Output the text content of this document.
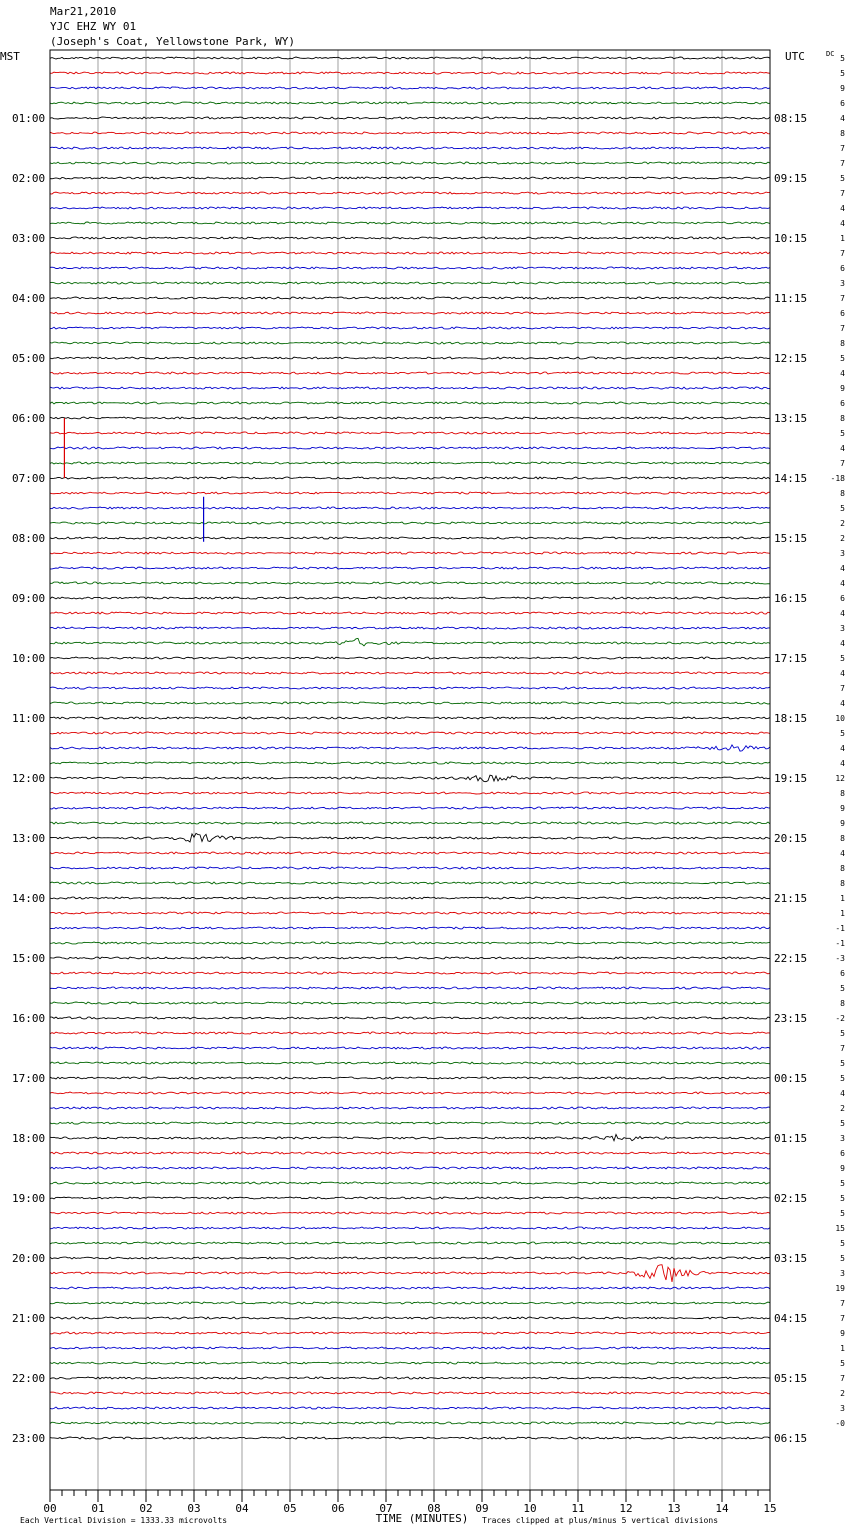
Mar21,2010
YJC EHZ WY 01
(Joseph's Coat, Yellowstone Park, WY)
MST	UTC	DC
01:00
02:00
03:00
04:00
05:00
06:00
07:00
08:00
09:00
10:00
11:00
12:00
13:00
14:00
15:00
16:00
17:00
18:00
19:00
20:00
21:00
22:00
23:00
08:15
09:15
10:15
11:15
12:15
13:15
14:15
15:15
16:15
17:15
18:15
19:15
20:15
21:15
22:15
23:15
00:15
01:15
02:15
03:15
04:15
05:15
06:15
5
5
9
6
4
8
7
7
5
7
4
4
1
7
6
3
7
6
7
8
5
4
9
6
8
5
4
7
-18
8
5
2
2
3
4
4
6
4
3
4
5
4
7
4
10
5
4
4
12
8
9
9
8
4
8
8
1
1
-1
-1
-3
6
5
8
-2
5
7
5
5
4
2
5
3
6
9
5
5
5
15
5
5
3
19
7
7
9
1
5
7
2
3
-0
00	01	02	03	04	05	06	07	08	09	10	11	12	13	14	15
TIME (MINUTES)
Each Vertical Division = 1333.33 microvolts	Traces clipped at plus/minus 5 vertical divisions
